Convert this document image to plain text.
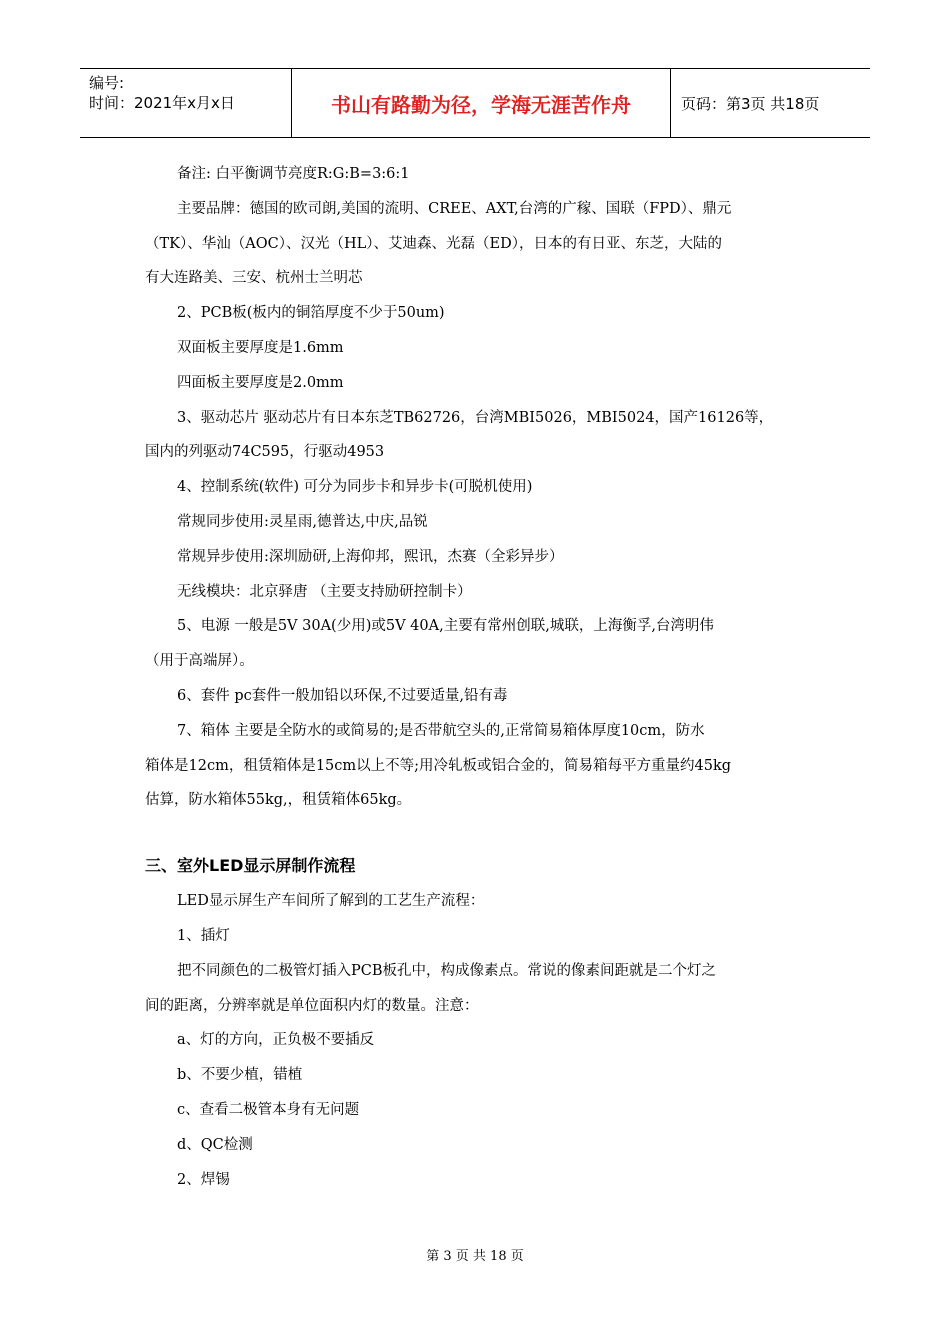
编号:
时间：2021年x月x日	书山有路勤为径，学海无涯苦作舟	页码：第3页 共18页
备注: 白平衡调节亮度R:G:B=3:6:1
主要品牌：德国的欧司朗,美国的流明、CREE、AXT,台湾的广稼、国联（FPD）、鼎元
（TK）、华汕（AOC）、汉光（HL）、艾迪森、光磊（ED），日本的有日亚、东芝，大陆的
有大连路美、三安、杭州士兰明芯
2、PCB板(板内的铜箔厚度不少于50um)
双面板主要厚度是1.6mm
四面板主要厚度是2.0mm
3、驱动芯片 驱动芯片有日本东芝TB62726，台湾MBI5026，MBI5024，国产16126等，
国内的列驱动74C595，行驱动4953
4、控制系统(软件) 可分为同步卡和异步卡(可脱机使用)
常规同步使用:灵星雨,德普达,中庆,品锐
常规异步使用:深圳励研,上海仰邦，熙讯，杰赛（全彩异步）
无线模块：北京驿唐 （主要支持励研控制卡）
5、电源 一般是5V 30A(少用)或5V 40A,主要有常州创联,城联，上海衡孚,台湾明伟
（用于高端屏）。
6、套件 pc套件一般加铅以环保,不过要适量,铅有毒
7、箱体 主要是全防水的或简易的;是否带航空头的,正常简易箱体厚度10cm，防水
箱体是12cm，租赁箱体是15cm以上不等;用冷轧板或铝合金的，简易箱每平方重量约45kg
估算，防水箱体55kg,，租赁箱体65kg。
三、室外LED显示屏制作流程
LED显示屏生产车间所了解到的工艺生产流程：
1、插灯
把不同颜色的二极管灯插入PCB板孔中，构成像素点。常说的像素间距就是二个灯之
间的距离，分辨率就是单位面积内灯的数量。注意：
a、灯的方向，正负极不要插反
b、不要少植，错植
c、查看二极管本身有无问题
d、QC检测
2、焊锡
第 3 页 共 18 页
